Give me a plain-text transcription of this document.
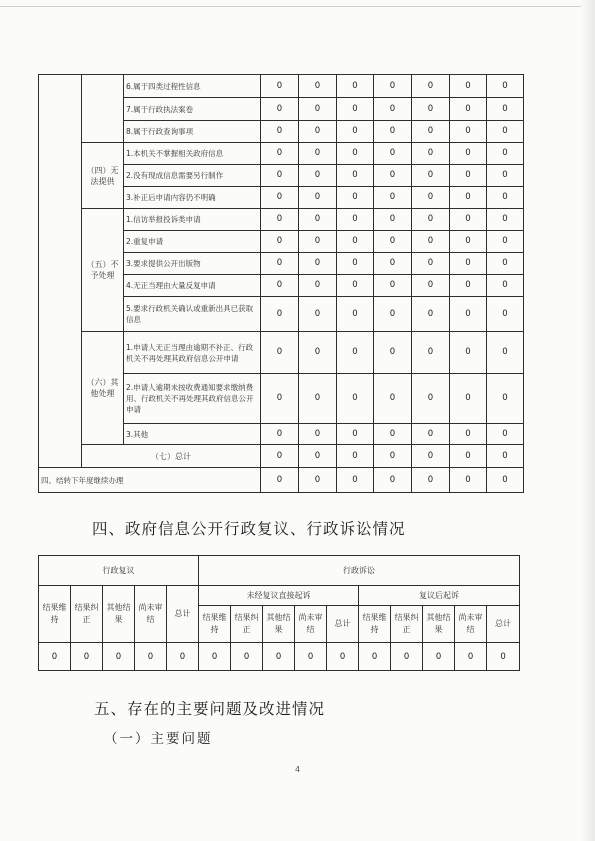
		6.属于四类过程性信息	0	0	0	0	0	0	0
		7.属于行政执法案卷	0	0	0	0	0	0	0
		8.属于行政查询事项	0	0	0	0	0	0	0
	（四）无法提供	1.本机关不掌握相关政府信息	0	0	0	0	0	0	0
		2.没有现成信息需要另行制作	0	0	0	0	0	0	0
		3.补正后申请内容仍不明确	0	0	0	0	0	0	0
	（五）不予处理	1.信访举报投诉类申请	0	0	0	0	0	0	0
		2.重复申请	0	0	0	0	0	0	0
		3.要求提供公开出版物	0	0	0	0	0	0	0
		4.无正当理由大量反复申请	0	0	0	0	0	0	0
		5.要求行政机关确认或重新出具已获取信息	0	0	0	0	0	0	0
	（六）其他处理	1.申请人无正当理由逾期不补正、行政机关不再处理其政府信息公开申请	0	0	0	0	0	0	0
		2.申请人逾期未按收费通知要求缴纳费用、行政机关不再处理其政府信息公开申请	0	0	0	0	0	0	0
		3.其他	0	0	0	0	0	0	0
	（七）总计		0	0	0	0	0	0	0
四、结转下年度继续办理			0	0	0	0	0	0	0
四、政府信息公开行政复议、行政诉讼情况
行政复议					行政诉讼									
结果维持	结果纠正	其他结果	尚未审结	总计	未经复议直接起诉					复议后起诉				
					结果维持	结果纠正	其他结果	尚未审结	总计	结果维持	结果纠正	其他结果	尚未审结	总计
0	0	0	0	0	0	0	0	0	0	0	0	0	0	0
五、存在的主要问题及改进情况
（一）主要问题
4
